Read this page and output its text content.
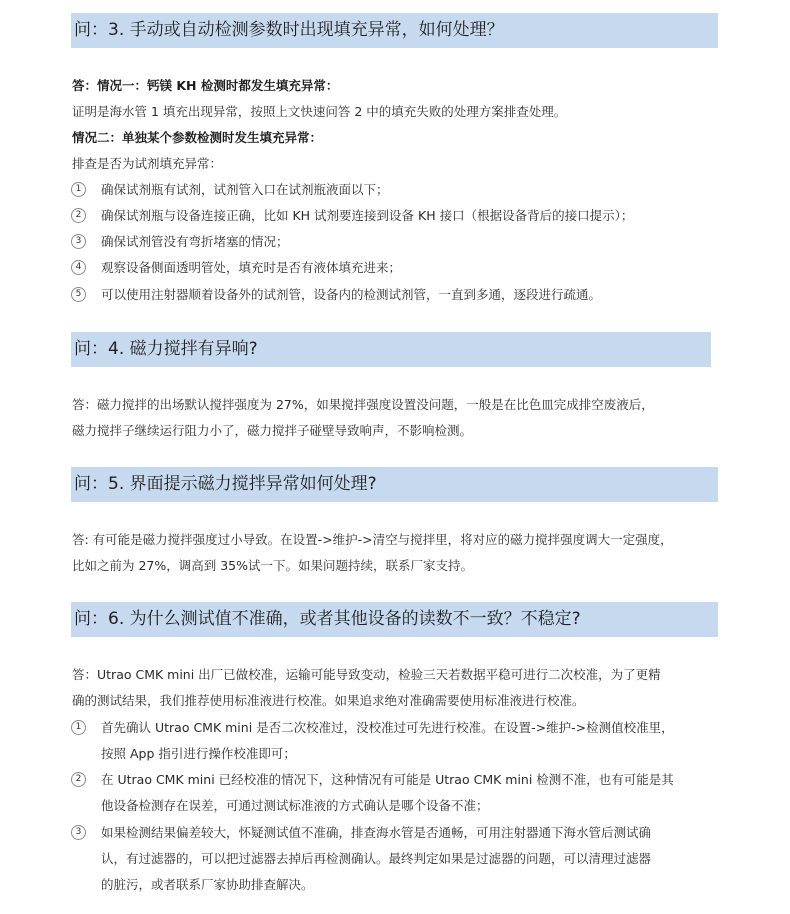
问：3. 手动或自动检测参数时出现填充异常，如何处理？
答：情况一：钙镁 KH 检测时都发生填充异常：
证明是海水管 1 填充出现异常，按照上文快速问答 2 中的填充失败的处理方案排查处理。
情况二：单独某个参数检测时发生填充异常：
排查是否为试剂填充异常：
1	确保试剂瓶有试剂，试剂管入口在试剂瓶液面以下；
2	确保试剂瓶与设备连接正确，比如 KH 试剂要连接到设备 KH 接口（根据设备背后的接口提示）；
3	确保试剂管没有弯折堵塞的情况；
4	观察设备侧面透明管处，填充时是否有液体填充进来；
5	可以使用注射器顺着设备外的试剂管，设备内的检测试剂管，一直到多通，逐段进行疏通。
问：4. 磁力搅拌有异响?
答：磁力搅拌的出场默认搅拌强度为 27%，如果搅拌强度设置没问题，一般是在比色皿完成排空废液后，
磁力搅拌子继续运行阻力小了，磁力搅拌子碰壁导致响声，不影响检测。
问：5. 界面提示磁力搅拌异常如何处理?
答: 有可能是磁力搅拌强度过小导致。在设置->维护->清空与搅拌里，将对应的磁力搅拌强度调大一定强度，
比如之前为 27%，调高到 35%试一下。如果问题持续，联系厂家支持。
问：6. 为什么测试值不准确，或者其他设备的读数不一致？不稳定?
答：Utrao CMK mini 出厂已做校准，运输可能导致变动，检验三天若数据平稳可进行二次校准，为了更精
确的测试结果，我们推荐使用标准液进行校准。如果追求绝对准确需要使用标准液进行校准。
1	首先确认 Utrao CMK mini 是否二次校准过，没校准过可先进行校准。在设置->维护->检测值校准里，
按照 App 指引进行操作校准即可；
2	在 Utrao CMK mini 已经校准的情况下，这种情况有可能是 Utrao CMK mini 检测不准，也有可能是其
他设备检测存在误差，可通过测试标准液的方式确认是哪个设备不准；
3	如果检测结果偏差较大，怀疑测试值不准确，排查海水管是否通畅，可用注射器通下海水管后测试确
认，有过滤器的，可以把过滤器去掉后再检测确认。最终判定如果是过滤器的问题，可以清理过滤器
的脏污，或者联系厂家协助排查解决。
